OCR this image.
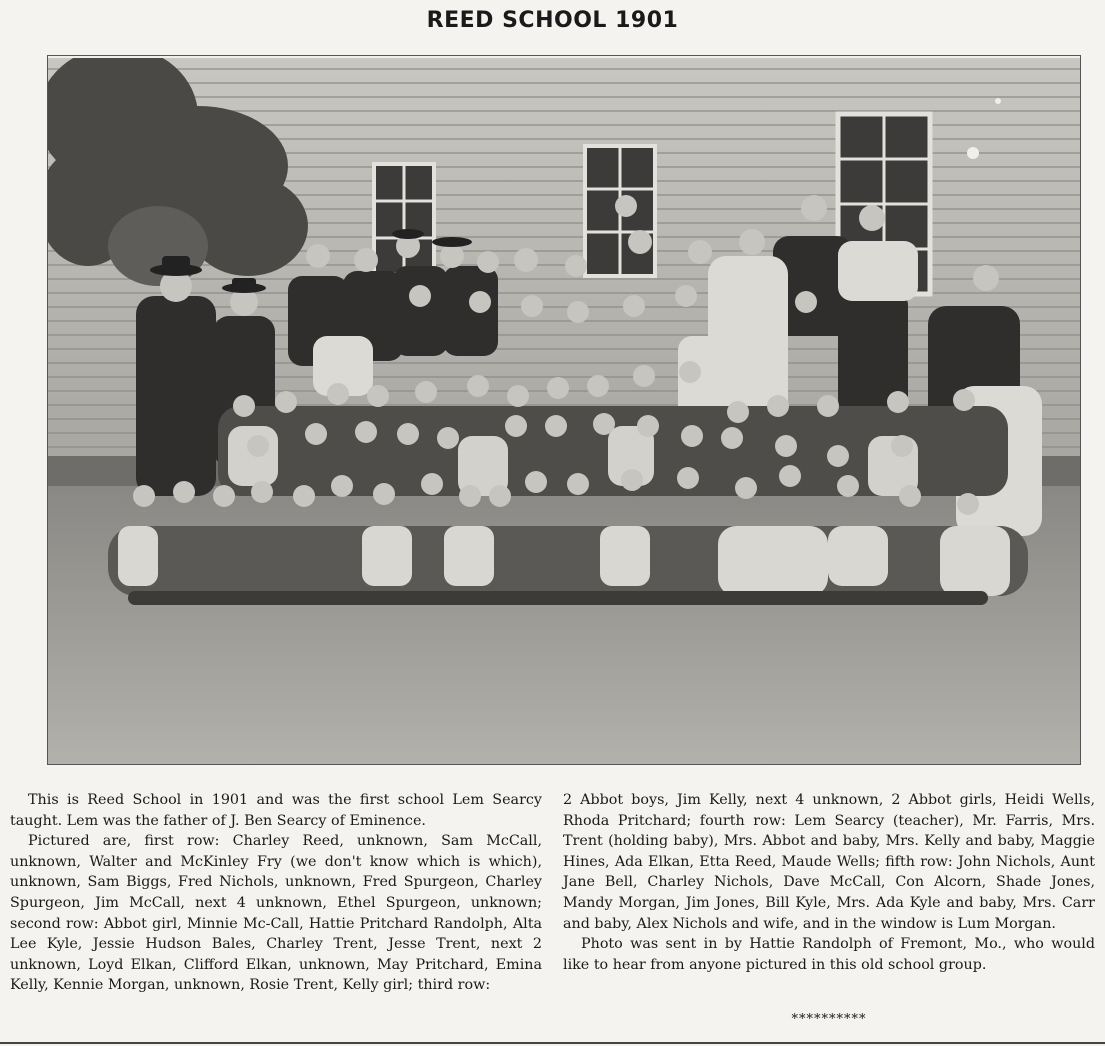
REED SCHOOL 1901

This is Reed School in 1901 and was the first school Lem Searcy taught. Lem was the father of J. Ben Searcy of Eminence.

Pictured are, first row: Charley Reed, unknown, Sam McCall, unknown, Walter and McKinley Fry (we don't know which is which), unknown, Sam Biggs, Fred Nichols, unknown, Fred Spurgeon, Charley Spurgeon, Jim McCall, next 4 unknown, Ethel Spurgeon, unknown; second row: Abbot girl, Minnie Mc-Call, Hattie Pritchard Randolph, Alta Lee Kyle, Jessie Hudson Bales, Charley Trent, Jesse Trent, next 2 unknown, Loyd Elkan, Clifford Elkan, unknown, May Pritchard, Emina Kelly, Kennie Morgan, unknown, Rosie Trent, Kelly girl; third row:

2 Abbot boys, Jim Kelly, next 4 unknown, 2 Abbot girls, Heidi Wells, Rhoda Pritchard; fourth row: Lem Searcy (teacher), Mr. Farris, Mrs. Trent (holding baby), Mrs. Abbot and baby, Mrs. Kelly and baby, Maggie Hines, Ada Elkan, Etta Reed, Maude Wells; fifth row: John Nichols, Aunt Jane Bell, Charley Nichols, Dave McCall, Con Alcorn, Shade Jones, Mandy Morgan, Jim Jones, Bill Kyle, Mrs. Ada Kyle and baby, Mrs. Carr and baby, Alex Nichols and wife, and in the window is Lum Morgan.

Photo was sent in by Hattie Randolph of Fremont, Mo., who would like to hear from anyone pictured in this old school group.

**********
